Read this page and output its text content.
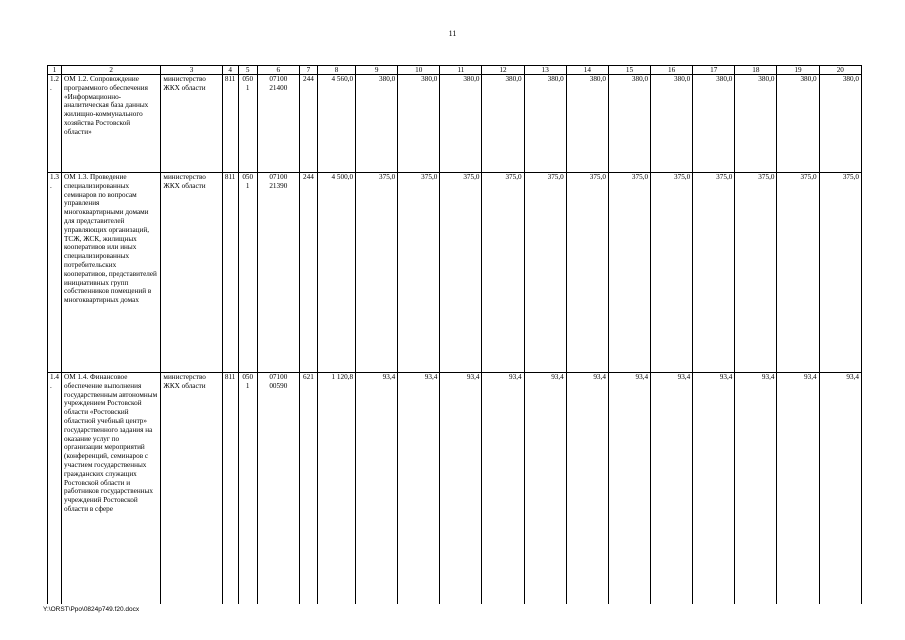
11
1	2	3	4	5	6	7	8	9	10	11	12	13	14	15	16	17	18	19	20
1.2.	ОМ 1.2. Сопровождение программного обеспечения «Информационно-аналитическая база данных жилищно-коммунального хозяйства Ростовской области»	министерство ЖКХ области	811	0501	07100 21400	244	4 560,0	380,0	380,0	380,0	380,0	380,0	380,0	380,0	380,0	380,0	380,0	380,0	380,0
1.3.	ОМ 1.3. Проведение специализированных семинаров по вопросам управления многоквартирными домами для представителей управляющих организаций, ТСЖ, ЖСК, жилищных кооперативов или иных специализированных потребительских кооперативов, представителей инициативных групп собственников помещений в многоквартирных домах	министерство ЖКХ области	811	0501	07100 21390	244	4 500,0	375,0	375,0	375,0	375,0	375,0	375,0	375,0	375,0	375,0	375,0	375,0	375,0
1.4.	ОМ 1.4. Финансовое обеспечение выполнения государственным автономным учреждением Ростовской области «Ростовский областной учебный центр» государственного задания на оказание услуг по организации мероприятий (конференций, семинаров с участием государственных гражданских служащих Ростовской области и работников государственных учреждений Ростовской области в сфере	министерство ЖКХ области	811	0501	07100 00590	621	1 120,8	93,4	93,4	93,4	93,4	93,4	93,4	93,4	93,4	93,4	93,4	93,4	93,4
Y:\ORST\Ppo\0824p749.f20.docx
